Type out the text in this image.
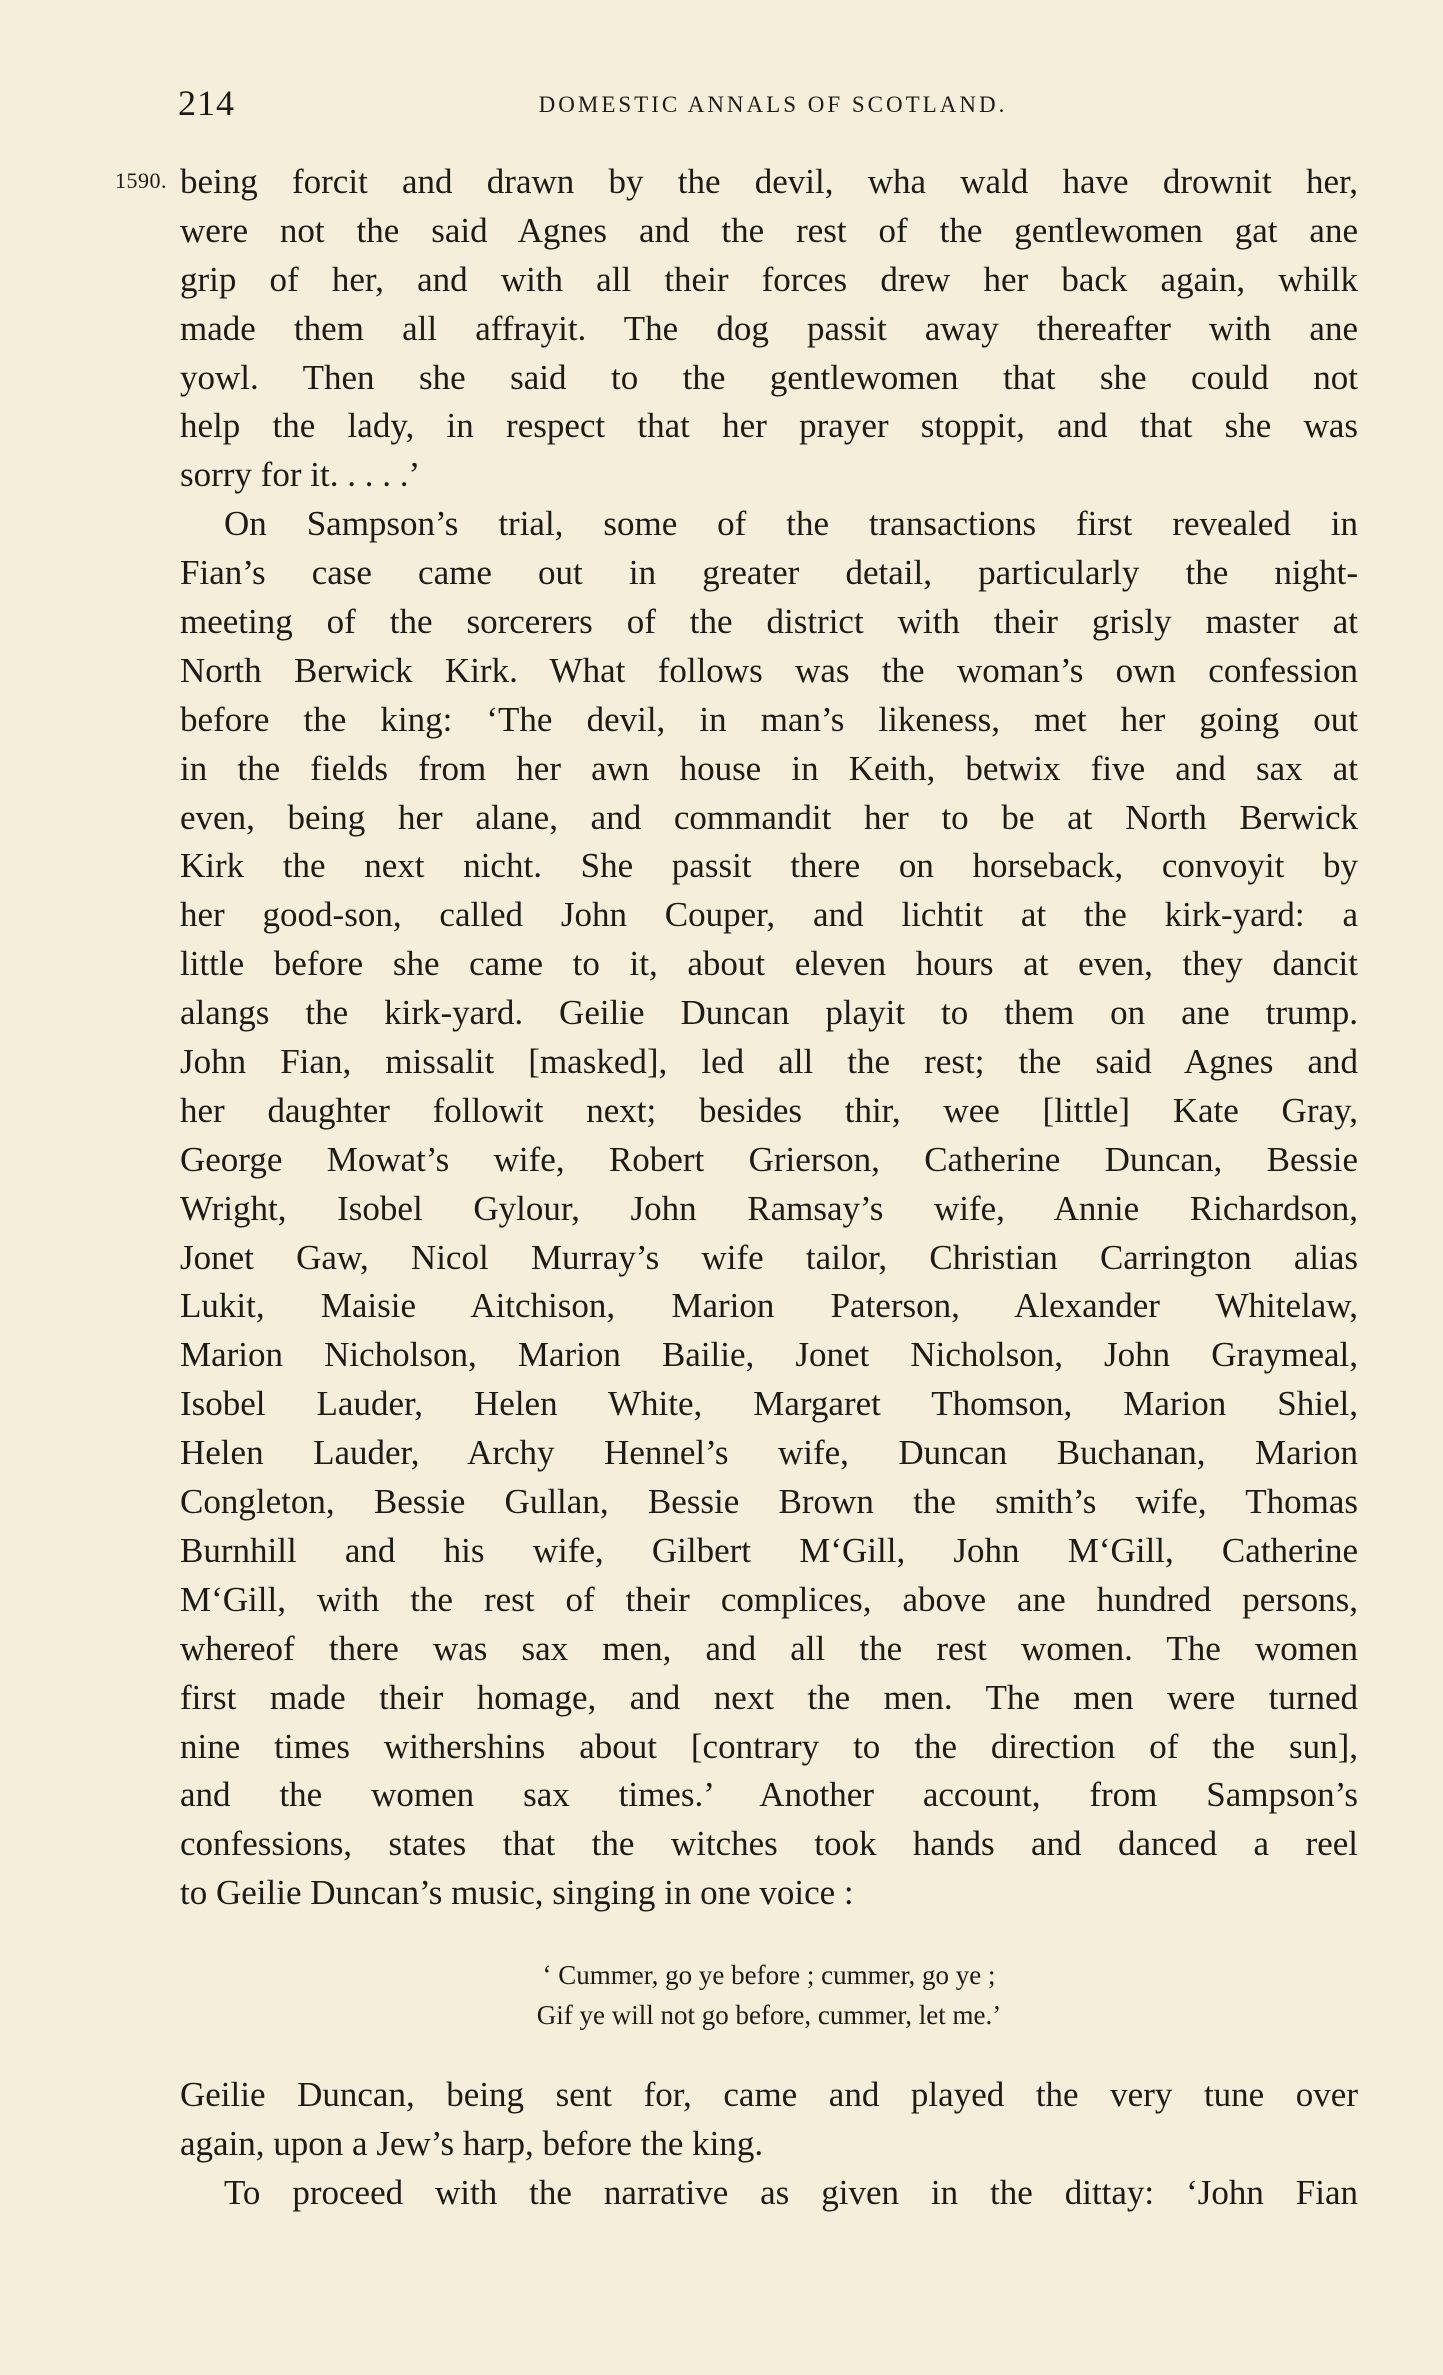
214	DOMESTIC ANNALS OF SCOTLAND.
1590. being forcit and drawn by the devil, wha wald have drownit her,
were not the said Agnes and the rest of the gentlewomen gat ane
grip of her, and with all their forces drew her back again, whilk
made them all affrayit. The dog passit away thereafter with ane
yowl. Then she said to the gentlewomen that she could not
help the lady, in respect that her prayer stoppit, and that she was
sorry for it. . . . .’
On Sampson’s trial, some of the transactions first revealed in
Fian’s case came out in greater detail, particularly the night-
meeting of the sorcerers of the district with their grisly master at
North Berwick Kirk. What follows was the woman’s own confession
before the king: ‘The devil, in man’s likeness, met her going out
in the fields from her awn house in Keith, betwix five and sax at
even, being her alane, and commandit her to be at North Berwick
Kirk the next nicht. She passit there on horseback, convoyit by
her good-son, called John Couper, and lichtit at the kirk-yard: a
little before she came to it, about eleven hours at even, they dancit
alangs the kirk-yard. Geilie Duncan playit to them on ane trump.
John Fian, missalit [masked], led all the rest; the said Agnes and
her daughter followit next; besides thir, wee [little] Kate Gray,
George Mowat’s wife, Robert Grierson, Catherine Duncan, Bessie
Wright, Isobel Gylour, John Ramsay’s wife, Annie Richardson,
Jonet Gaw, Nicol Murray’s wife tailor, Christian Carrington alias
Lukit, Maisie Aitchison, Marion Paterson, Alexander Whitelaw,
Marion Nicholson, Marion Bailie, Jonet Nicholson, John Graymeal,
Isobel Lauder, Helen White, Margaret Thomson, Marion Shiel,
Helen Lauder, Archy Hennel’s wife, Duncan Buchanan, Marion
Congleton, Bessie Gullan, Bessie Brown the smith’s wife, Thomas
Burnhill and his wife, Gilbert M‘Gill, John M‘Gill, Catherine
M‘Gill, with the rest of their complices, above ane hundred persons,
whereof there was sax men, and all the rest women. The women
first made their homage, and next the men. The men were turned
nine times withershins about [contrary to the direction of the sun],
and the women sax times.’ Another account, from Sampson’s
confessions, states that the witches took hands and danced a reel
to Geilie Duncan’s music, singing in one voice :
‘ Cummer, go ye before ; cummer, go ye ;
Gif ye will not go before, cummer, let me.’
Geilie Duncan, being sent for, came and played the very tune over
again, upon a Jew’s harp, before the king.
To proceed with the narrative as given in the dittay: ‘John Fian
